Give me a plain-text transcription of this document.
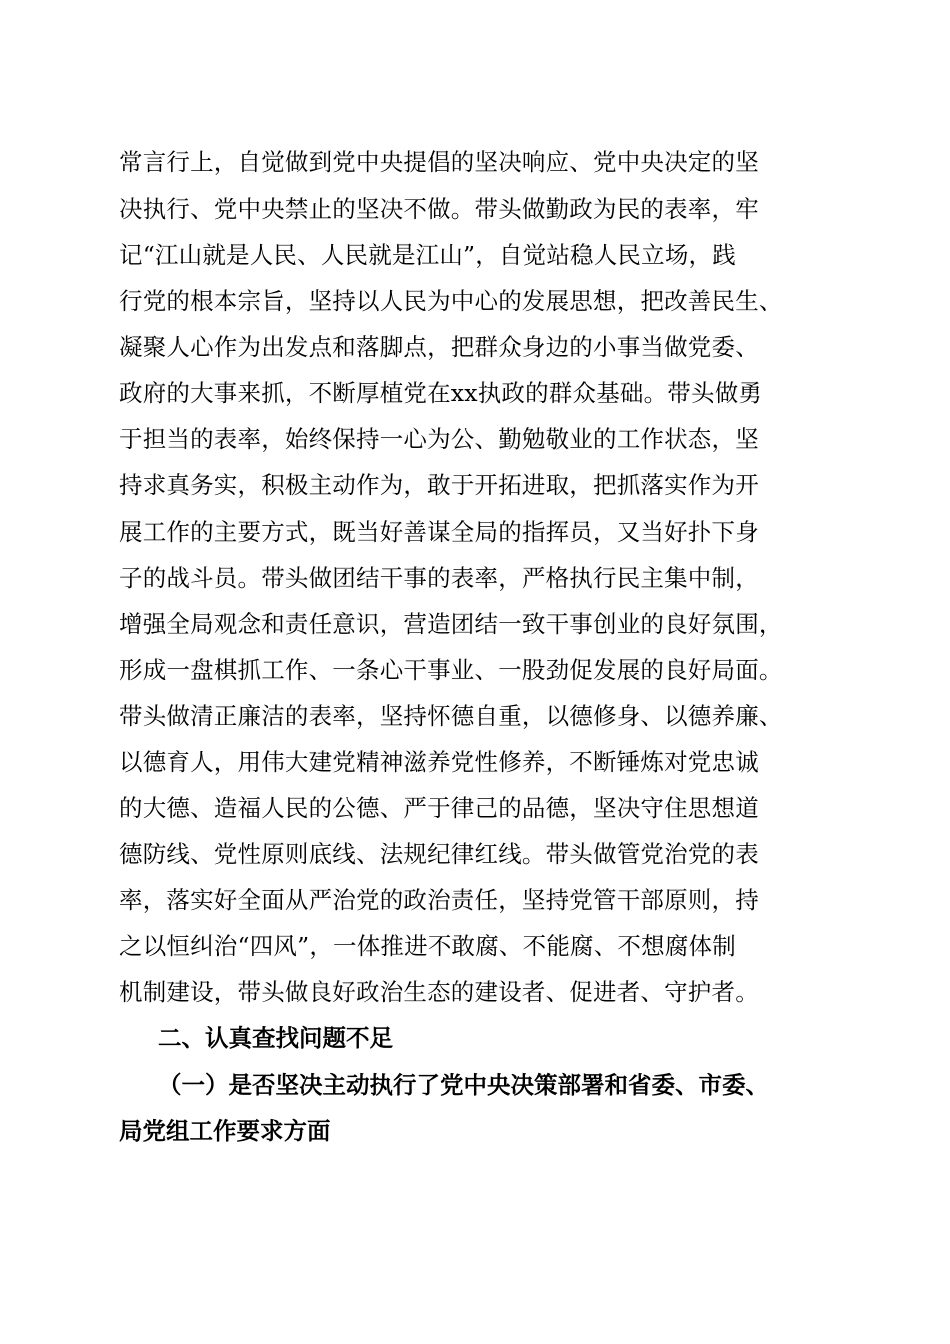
常言行上，自觉做到党中央提倡的坚决响应、党中央决定的坚
决执行、党中央禁止的坚决不做。带头做勤政为民的表率，牢
记“江山就是人民、人民就是江山”，自觉站稳人民立场，践
行党的根本宗旨，坚持以人民为中心的发展思想，把改善民生、
凝聚人心作为出发点和落脚点，把群众身边的小事当做党委、
政府的大事来抓，不断厚植党在xx执政的群众基础。带头做勇
于担当的表率，始终保持一心为公、勤勉敬业的工作状态，坚
持求真务实，积极主动作为，敢于开拓进取，把抓落实作为开
展工作的主要方式，既当好善谋全局的指挥员，又当好扑下身
子的战斗员。带头做团结干事的表率，严格执行民主集中制，
增强全局观念和责任意识，营造团结一致干事创业的良好氛围，
形成一盘棋抓工作、一条心干事业、一股劲促发展的良好局面。
带头做清正廉洁的表率，坚持怀德自重，以德修身、以德养廉、
以德育人，用伟大建党精神滋养党性修养，不断锤炼对党忠诚
的大德、造福人民的公德、严于律己的品德，坚决守住思想道
德防线、党性原则底线、法规纪律红线。带头做管党治党的表
率，落实好全面从严治党的政治责任，坚持党管干部原则，持
之以恒纠治“四风”，一体推进不敢腐、不能腐、不想腐体制
机制建设，带头做良好政治生态的建设者、促进者、守护者。
二、认真查找问题不足
（一）是否坚决主动执行了党中央决策部署和省委、市委、
局党组工作要求方面
